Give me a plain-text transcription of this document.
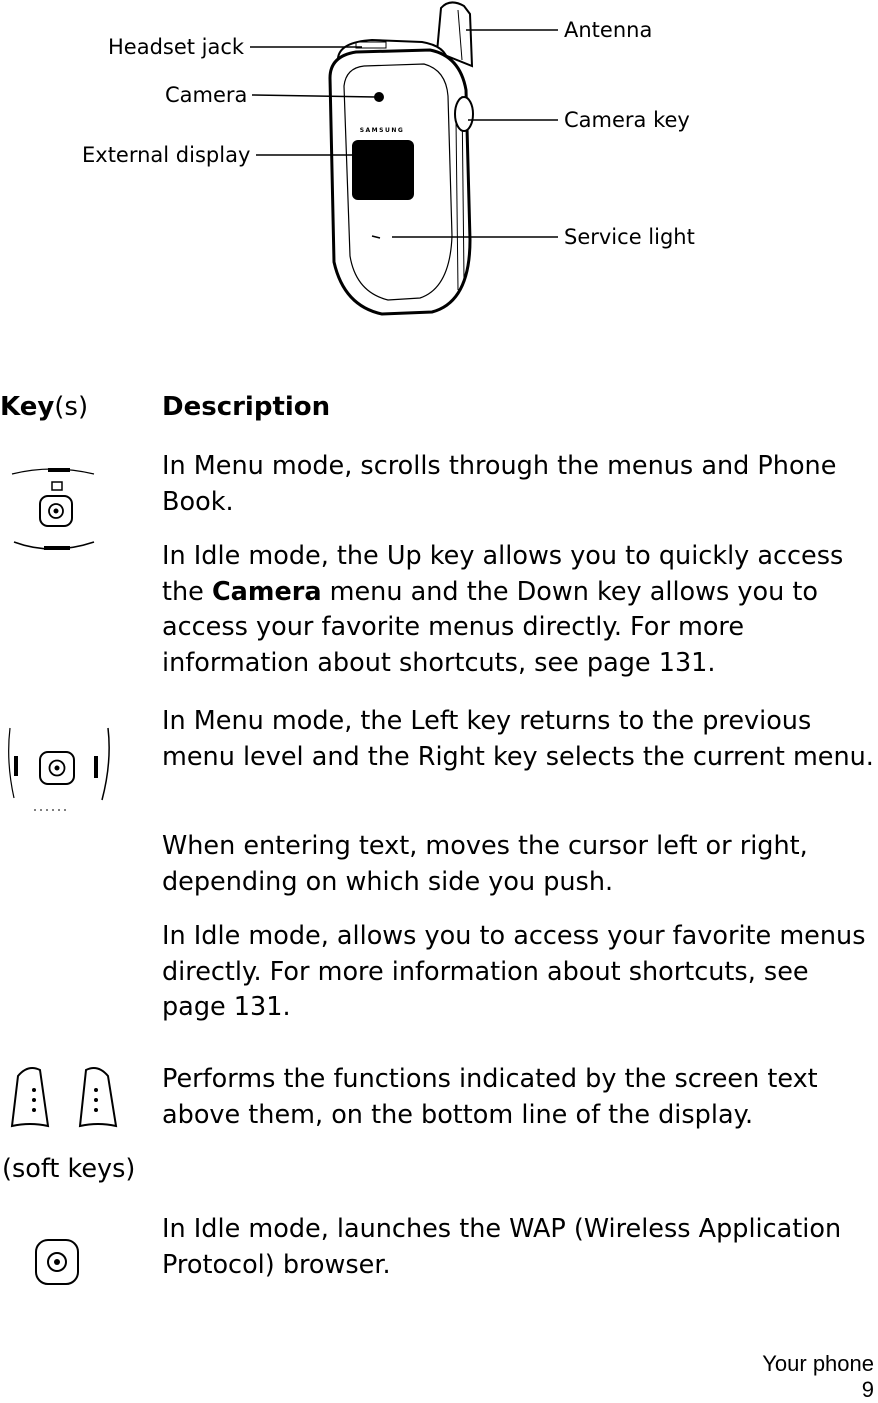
SAMSUNG
Headset jack
Camera
External display
Antenna
Camera key
Service light
Key(s)	Description
In Menu mode, scrolls through the menus and Phone Book.
In Idle mode, the Up key allows you to quickly access the Camera menu and the Down key allows you to access your favorite menus directly. For more information about shortcuts, see page 131.
In Menu mode, the Left key returns to the previous menu level and the Right key selects the current menu.
When entering text, moves the cursor left or right, depending on which side you push.
In Idle mode, allows you to access your favorite menus directly. For more information about shortcuts, see page 131.
(soft keys)
Performs the functions indicated by the screen text above them, on the bottom line of the display.
In Idle mode, launches the WAP (Wireless Application Protocol) browser.
Your phone
9
